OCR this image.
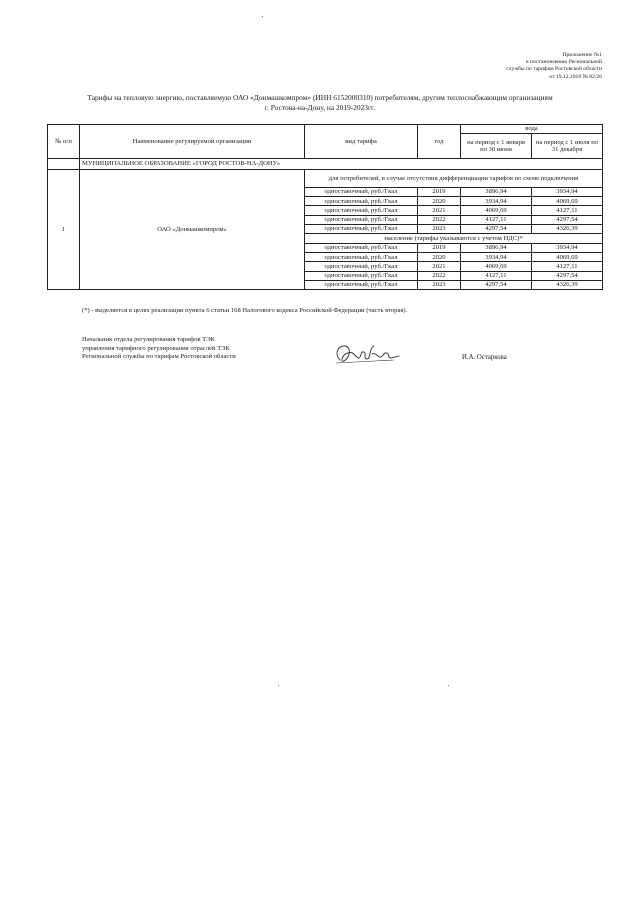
Приложение №1
к постановлению Региональной
службы по тарифам Ростовской области
от 19.12.2018 № 82/26
Тарифы на тепловую энергию, поставляемую ОАО «Донмашкомпром» (ИНН 6152000310) потребителям, другим теплоснабжающим организациям
г. Ростова-на-Дону, на 2019-2023гг.
№ п/п	Наименование регулируемой организации	вид тарифа	год	вода	
				на период с 1 января по 30 июня	на период с 1 июля по 31 декабря
	МУНИЦИПАЛЬНОЕ ОБРАЗОВАНИЕ «ГОРОД РОСТОВ-НА-ДОНУ»				
1	ОАО «Донмашкомпром»	для потребителей, в случае отсутствия дифференциации тарифов по схеме подключения			
		одноставочный, руб./Гкал	2019	3896,94	3934,94
		одноставочный, руб./Гкал	2020	3934,94	4069,69
		одноставочный, руб./Гкал	2021	4069,69	4127,11
		одноставочный, руб./Гкал	2022	4127,11	4297,54
		одноставочный, руб./Гкал	2023	4297,54	4326,39
		население (тарифы указываются с учетом НДС)*			
		одноставочный, руб./Гкал	2019	3896,94	3934,94
		одноставочный, руб./Гкал	2020	3934,94	4069,69
		одноставочный, руб./Гкал	2021	4069,69	4127,11
		одноставочный, руб./Гкал	2022	4127,11	4297,54
		одноставочный, руб./Гкал	2023	4297,54	4326,39
(*) - выделяется в целях реализации пункта 6 статьи 168 Налогового кодекса Российской Федерации (часть вторая).
Начальник отдела регулирования тарифов ТЭК
управления тарифного регулирования отраслей ТЭК
Региональной службы по тарифам Ростовской области	И.А. Остаркова
